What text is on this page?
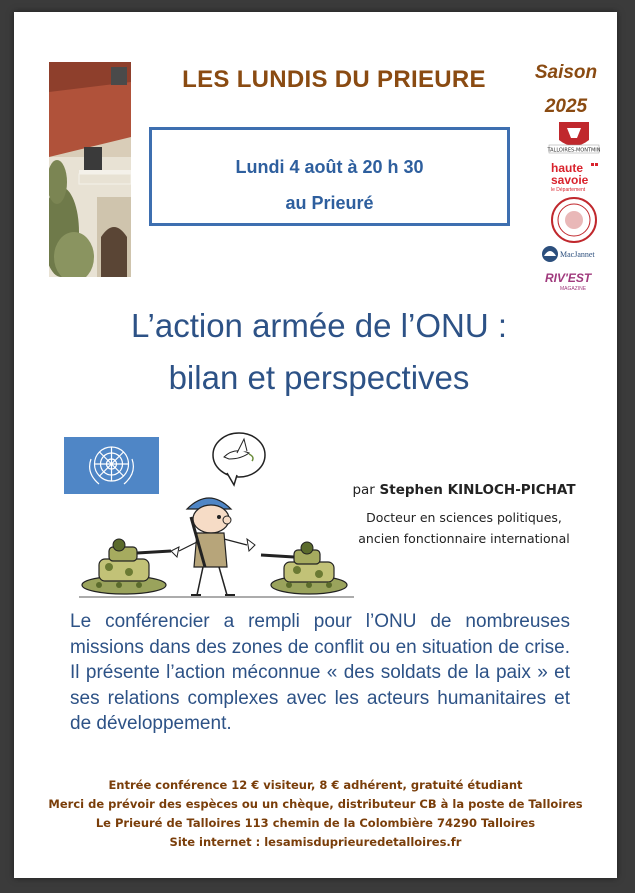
LES LUNDIS DU PRIEURE	Saison
2025
Lundi 4 août à 20 h 30
au Prieuré
TALLOIRES-MONTMIN
haute
savoie
le Département
MacJannet
RIV'EST
MAGAZINE
L’action armée de l’ONU :
bilan et perspectives
par Stephen KINLOCH-PICHAT
Docteur en sciences politiques,
ancien fonctionnaire international
Le conférencier a rempli pour l’ONU de nombreuses missions dans des zones de conflit ou en situation de crise. Il présente l’action méconnue « des soldats de la paix » et ses relations complexes avec les acteurs humanitaires et de développement.
Entrée conférence 12 € visiteur, 8 € adhérent, gratuité étudiant
Merci de prévoir des espèces ou un chèque, distributeur CB à la poste de Talloires
Le Prieuré de Talloires 113 chemin de la Colombière 74290 Talloires
Site internet : lesamisduprieuredetalloires.fr
